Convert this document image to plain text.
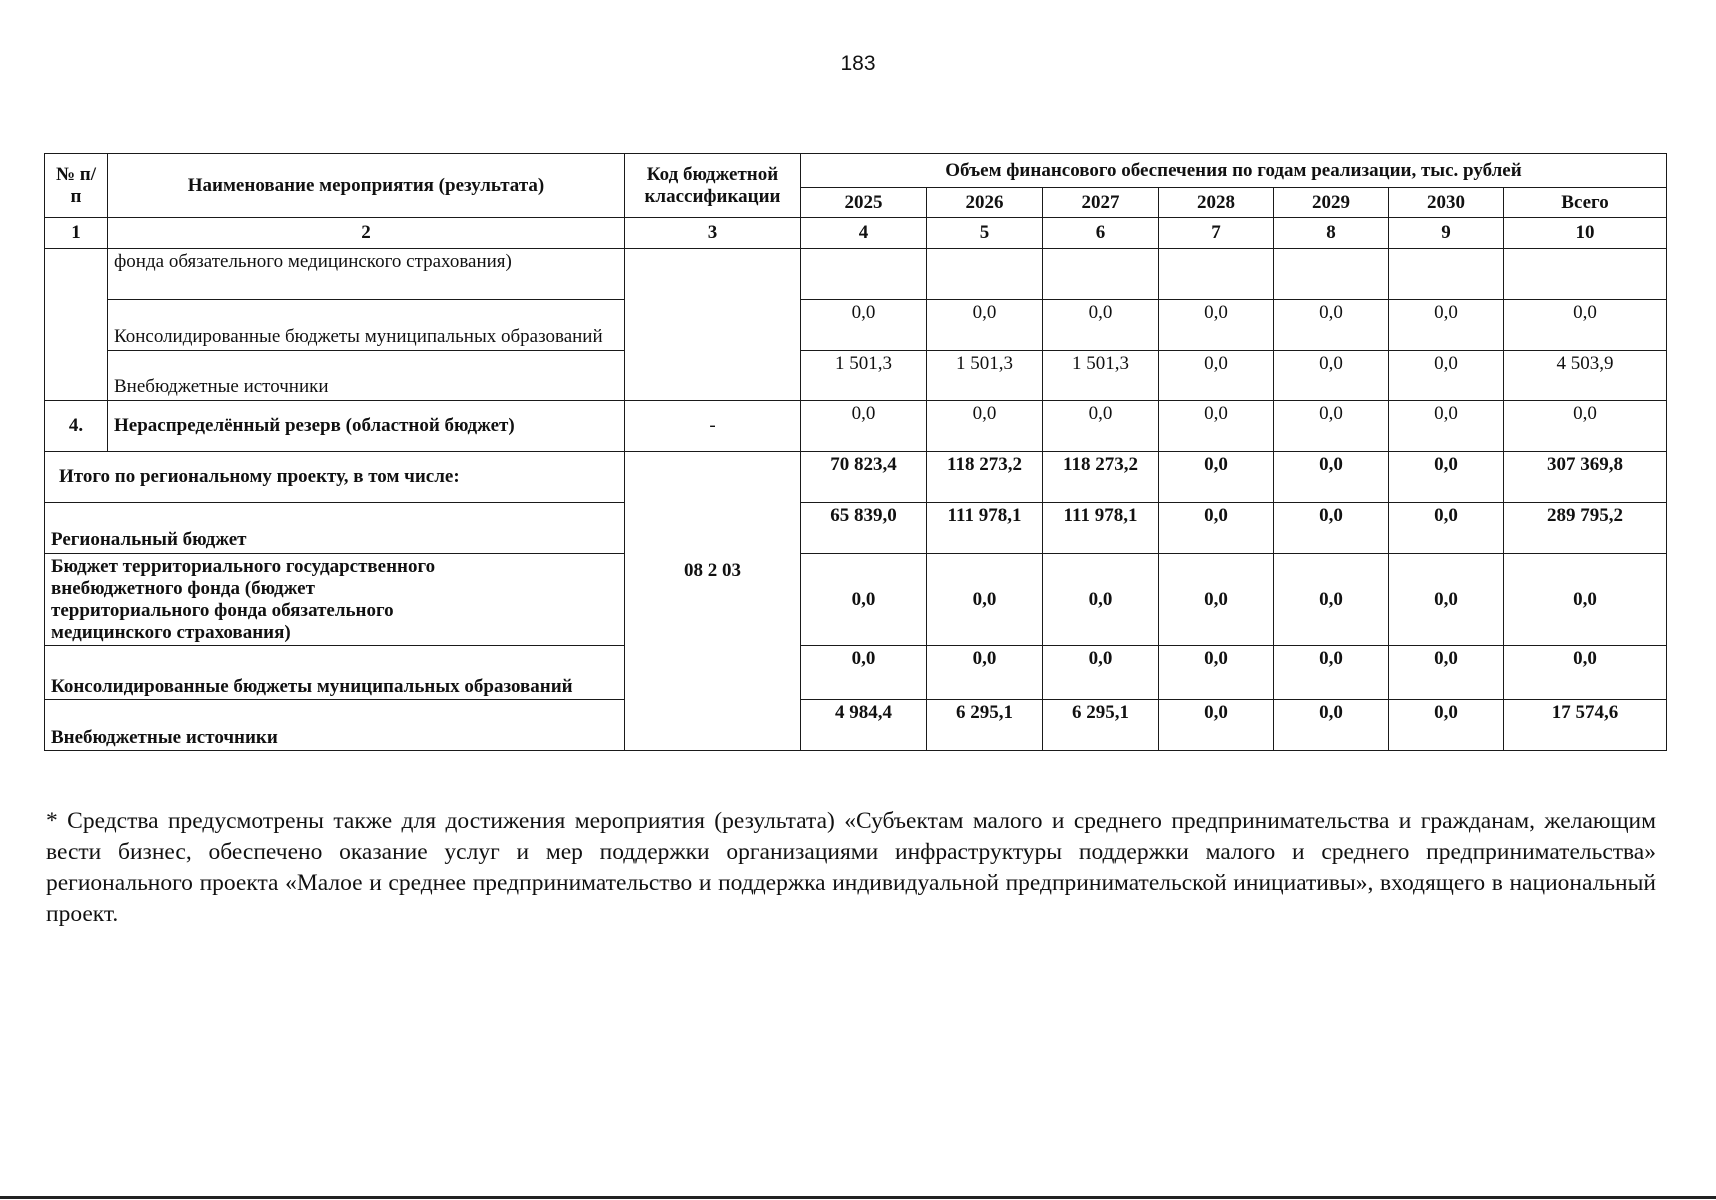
183
№ п/п	Наименование мероприятия (результата)	Код бюджетной классификации	Объем финансового обеспечения по годам реализации, тыс. рублей						
			2025	2026	2027	2028	2029	2030	Всего
1	2	3	4	5	6	7	8	9	10
	фонда обязательного медицинского страхования)								
	Консолидированные бюджеты муниципальных образований		0,0	0,0	0,0	0,0	0,0	0,0	0,0
	Внебюджетные источники		1 501,3	1 501,3	1 501,3	0,0	0,0	0,0	4 503,9
4.	Нераспределённый резерв (областной бюджет)	-	0,0	0,0	0,0	0,0	0,0	0,0	0,0
Итого по региональному проекту, в том числе:		08 2 03	70 823,4	118 273,2	118 273,2	0,0	0,0	0,0	307 369,8
Региональный бюджет			65 839,0	111 978,1	111 978,1	0,0	0,0	0,0	289 795,2
Бюджет территориального государственного внебюджетного фонда (бюджет территориального фонда обязательного медицинского страхования)			0,0	0,0	0,0	0,0	0,0	0,0	0,0
Консолидированные бюджеты муниципальных образований			0,0	0,0	0,0	0,0	0,0	0,0	0,0
Внебюджетные источники			4 984,4	6 295,1	6 295,1	0,0	0,0	0,0	17 574,6
* Средства предусмотрены также для достижения мероприятия (результата) «Субъектам малого и среднего предпринимательства и гражданам, желающим вести бизнес, обеспечено оказание услуг и мер поддержки организациями инфраструктуры поддержки малого и среднего предпринимательства» регионального проекта «Малое и среднее предпринимательство и поддержка индивидуальной предпринимательской инициативы», входящего в национальный проект.
